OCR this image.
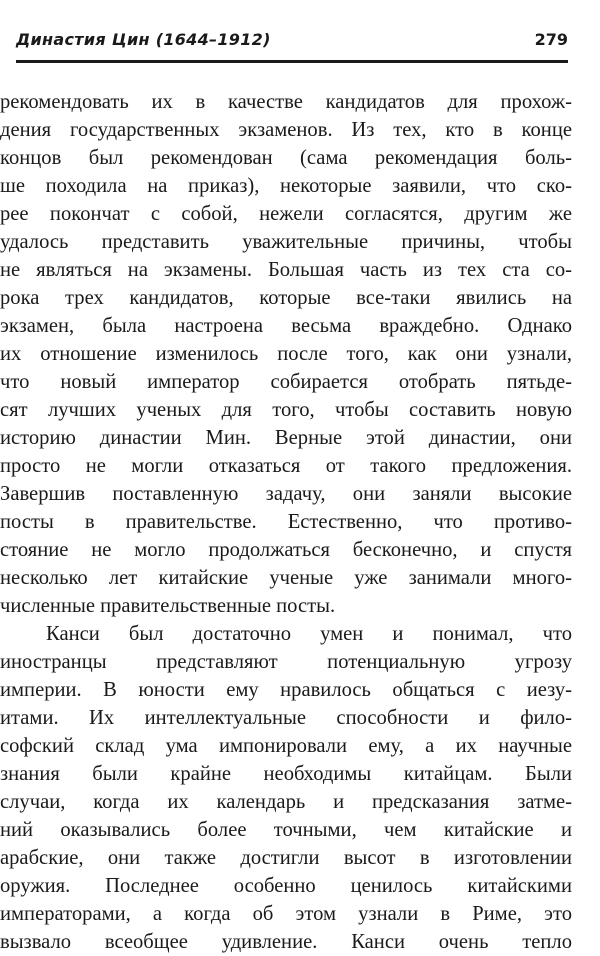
Династия Цин (1644–1912)	279
рекомендовать их в качестве кандидатов для прохож-
дения государственных экзаменов. Из тех, кто в конце
концов был рекомендован (сама рекомендация боль-
ше походила на приказ), некоторые заявили, что ско-
рее покончат с собой, нежели согласятся, другим же
удалось представить уважительные причины, чтобы
не являться на экзамены. Большая часть из тех ста со-
рока трех кандидатов, которые все-таки явились на
экзамен, была настроена весьма враждебно. Однако
их отношение изменилось после того, как они узнали,
что новый император собирается отобрать пятьде-
сят лучших ученых для того, чтобы составить новую
историю династии Мин. Верные этой династии, они
просто не могли отказаться от такого предложения.
Завершив поставленную задачу, они заняли высокие
посты в правительстве. Естественно, что противо-
стояние не могло продолжаться бесконечно, и спустя
несколько лет китайские ученые уже занимали много-
численные правительственные посты.
Канси был достаточно умен и понимал, что
иностранцы представляют потенциальную угрозу
империи. В юности ему нравилось общаться с иезу-
итами. Их интеллектуальные способности и фило-
софский склад ума импонировали ему, а их научные
знания были крайне необходимы китайцам. Были
случаи, когда их календарь и предсказания затме-
ний оказывались более точными, чем китайские и
арабские, они также достигли высот в изготовлении
оружия. Последнее особенно ценилось китайскими
императорами, а когда об этом узнали в Риме, это
вызвало всеобщее удивление. Канси очень тепло
